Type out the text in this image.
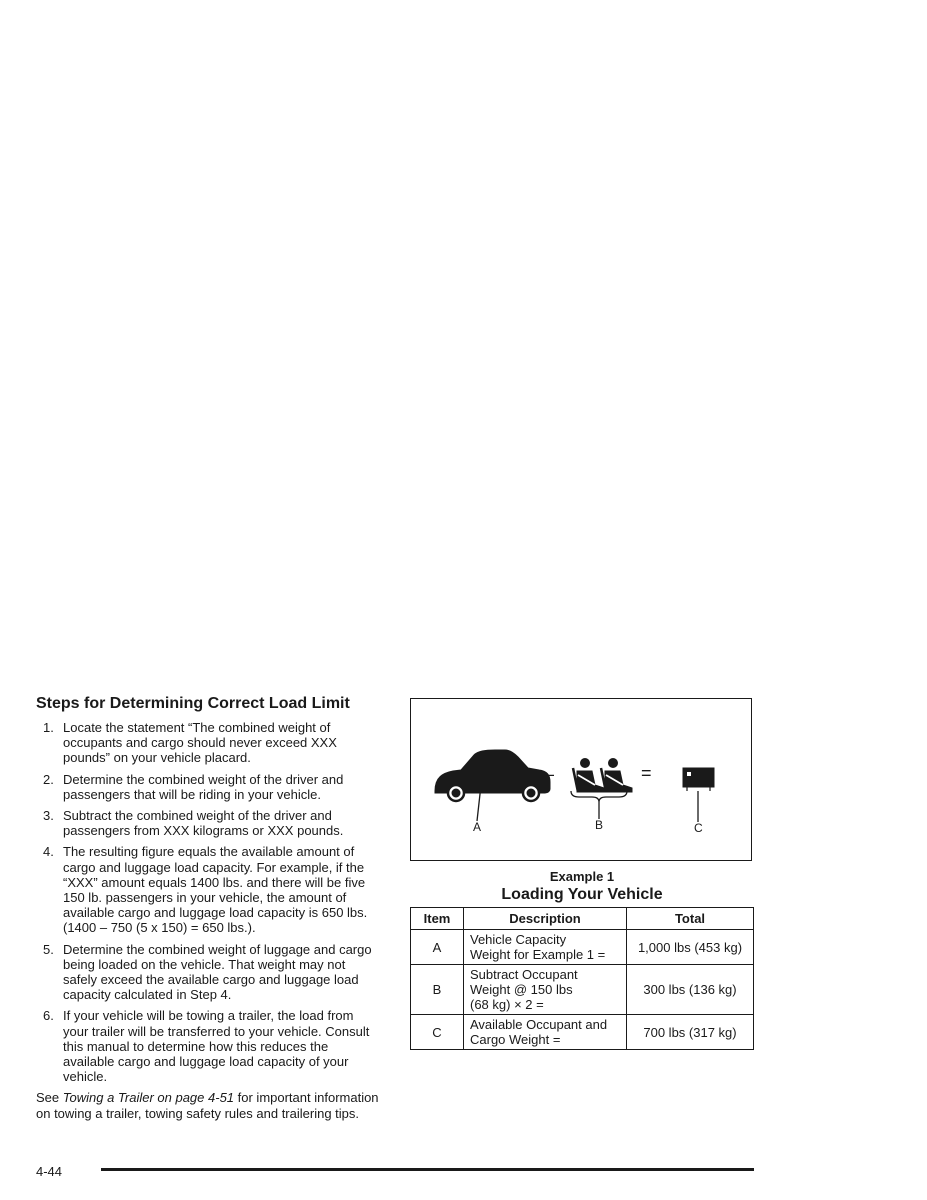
Steps for Determining Correct Load Limit
1. Locate the statement “The combined weight of occupants and cargo should never exceed XXX pounds” on your vehicle placard.
2. Determine the combined weight of the driver and passengers that will be riding in your vehicle.
3. Subtract the combined weight of the driver and passengers from XXX kilograms or XXX pounds.
4. The resulting figure equals the available amount of cargo and luggage load capacity. For example, if the “XXX” amount equals 1400 lbs. and there will be five 150 lb. passengers in your vehicle, the amount of available cargo and luggage load capacity is 650 lbs. (1400 – 750 (5 x 150) = 650 lbs.).
5. Determine the combined weight of luggage and cargo being loaded on the vehicle. That weight may not safely exceed the available cargo and luggage load capacity calculated in Step 4.
6. If your vehicle will be towing a trailer, the load from your trailer will be transferred to your vehicle. Consult this manual to determine how this reduces the available cargo and luggage load capacity of your vehicle.

See Towing a Trailer on page 4-51 for important information on towing a trailer, towing safety rules and trailering tips.

–	=
A	B	C
Example 1
Loading Your Vehicle
Item	Description	Total
A	Vehicle Capacity
Weight for Example 1 =	1,000 lbs (453 kg)
B	Subtract Occupant
Weight @ 150 lbs
(68 kg) × 2 =	300 lbs (136 kg)
C	Available Occupant and
Cargo Weight =	700 lbs (317 kg)
4-44
